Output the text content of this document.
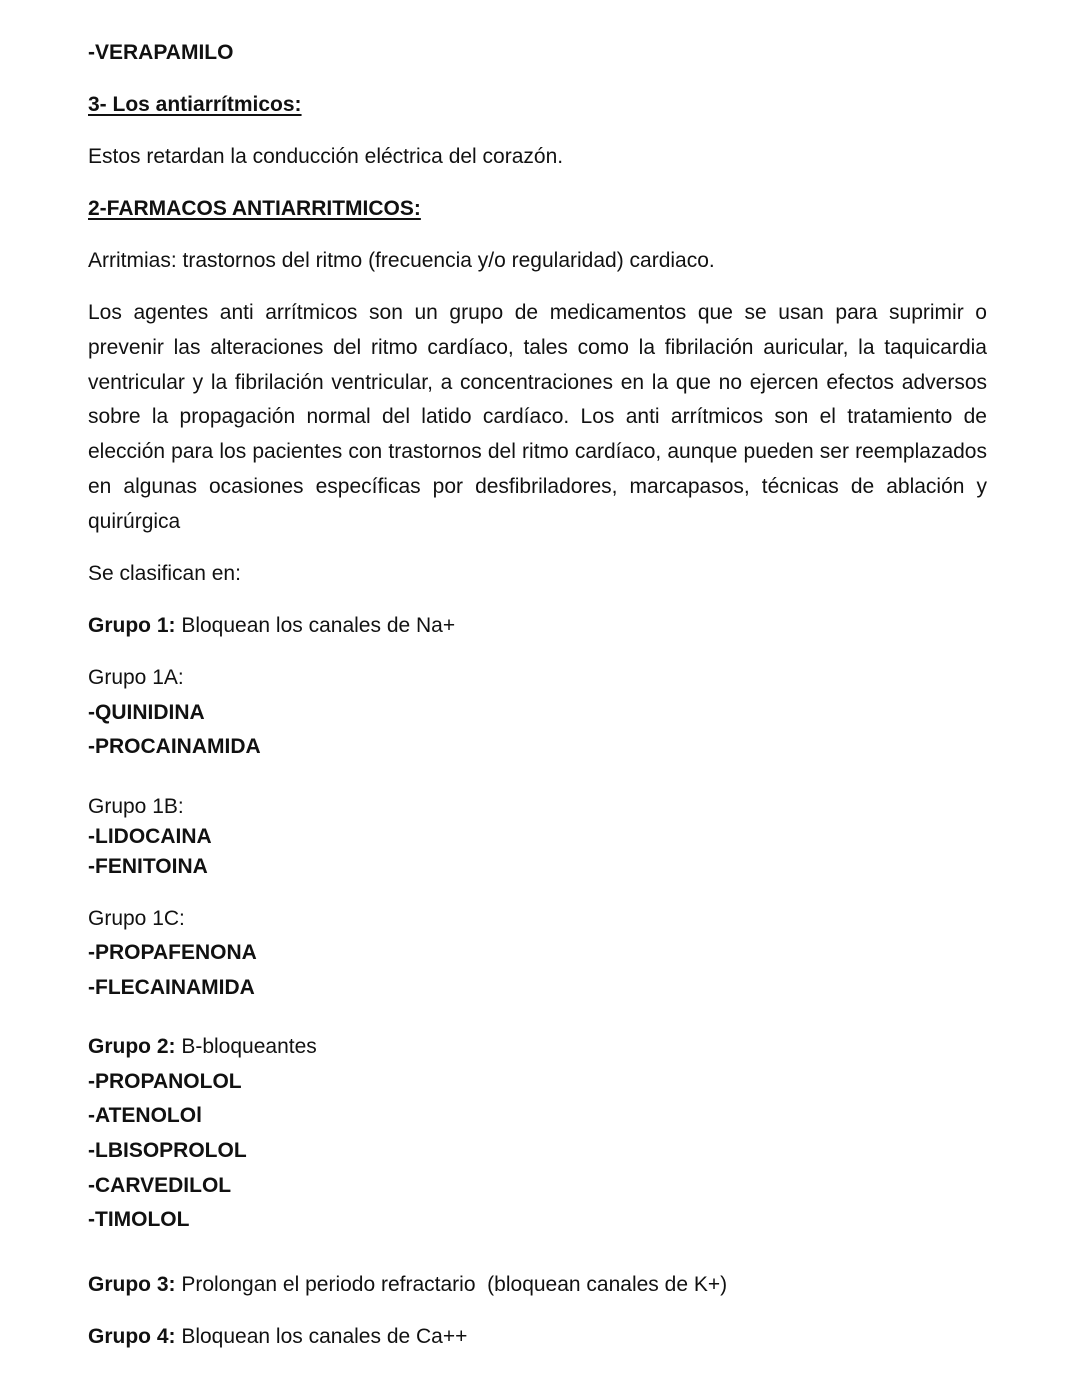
-VERAPAMILO
3- Los antiarrítmicos:
Estos retardan la conducción eléctrica del corazón.
2-FARMACOS ANTIARRITMICOS:
Arritmias: trastornos del ritmo (frecuencia y/o regularidad) cardiaco.
Los agentes anti arrítmicos son un grupo de medicamentos que se usan para suprimir o prevenir las alteraciones del ritmo cardíaco, tales como la fibrilación auricular, la taquicardia ventricular y la fibrilación ventricular, a concentraciones en la que no ejercen efectos adversos sobre la propagación normal del latido cardíaco. Los anti arrítmicos son el tratamiento de elección para los pacientes con trastornos del ritmo cardíaco, aunque pueden ser reemplazados en algunas ocasiones específicas por desfibriladores, marcapasos, técnicas de ablación y quirúrgica
Se clasifican en:
Grupo 1: Bloquean los canales de Na+
Grupo 1A:
-QUINIDINA
-PROCAINAMIDA
Grupo 1B:
-LIDOCAINA
-FENITOINA
Grupo 1C:
-PROPAFENONA
-FLECAINAMIDA
Grupo 2: B-bloqueantes
-PROPANOLOL
-ATENOLOl
-LBISOPROLOL
-CARVEDILOL
-TIMOLOL
Grupo 3: Prolongan el periodo refractario  (bloquean canales de K+)
Grupo 4: Bloquean los canales de Ca++
